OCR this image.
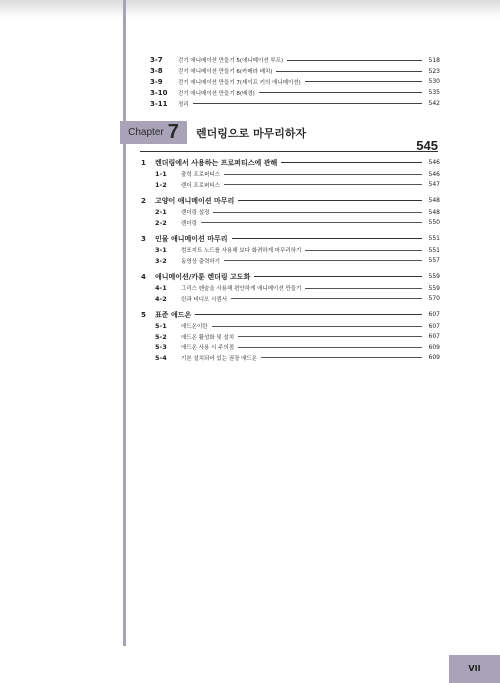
3-7	걷기 애니메이션 만들기 5(애니메이션 루프)	518
3-8	걷기 애니메이션 만들기 6(카메라 배치)	523
3-9	걷기 애니메이션 만들기 7(셰이프 키의 애니메이션)	530
3-10	걷기 애니메이션 만들기 8(배경)	535
3-11	정리	542
Chapter 7 렌더링으로 마무리하자
545
1	렌더링에서 사용하는 프로퍼티스에 관해	546
1-1	출력 프로퍼티스	546
1-2	렌더 프로퍼티스	547
2	고양이 애니메이션 마무리	548
2-1	렌더링 설정	548
2-2	렌더링	550
3	인물 애니메이션 마무리	551
3-1	컴포지트 노드를 사용해 보다 화려하게 마무리하기	551
3-2	동영상 출력하기	557
4	애니메이션/카툰 렌더링 고도화	559
4-1	그리스 펜슬을 사용해 편안하게 애니메이션 만들기	559
4-2	린과 비디오 시퀀서	570
5	표준 애드온	607
5-1	애드온이란	607
5-2	애드온 활성화 및 설치	607
5-3	애드온 사용 시 주의점	609
5-4	기본 설치되어 있는 권장 애드온	609
VII
